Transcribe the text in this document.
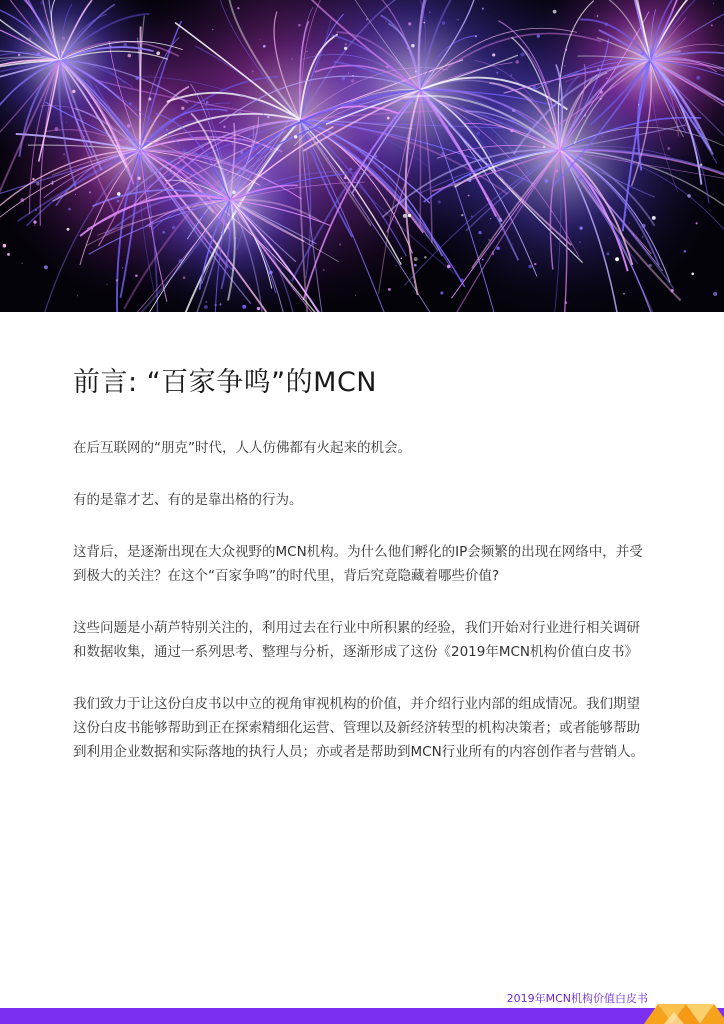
前言: “百家争鸣”的MCN

在后互联网的“朋克”时代，人人仿佛都有火起来的机会。

有的是靠才艺、有的是靠出格的行为。

这背后，是逐渐出现在大众视野的MCN机构。为什么他们孵化的IP会频繁的出现在网络中，并受到极大的关注？在这个“百家争鸣”的时代里，背后究竟隐藏着哪些价值?

这些问题是小葫芦特别关注的，利用过去在行业中所积累的经验，我们开始对行业进行相关调研和数据收集，通过一系列思考、整理与分析，逐渐形成了这份《2019年MCN机构价值白皮书》

我们致力于让这份白皮书以中立的视角审视机构的价值，并介绍行业内部的组成情况。我们期望这份白皮书能够帮助到正在探索精细化运营、管理以及新经济转型的机构决策者；或者能够帮助到利用企业数据和实际落地的执行人员；亦或者是帮助到MCN行业所有的内容创作者与营销人。

2019年MCN机构价值白皮书
